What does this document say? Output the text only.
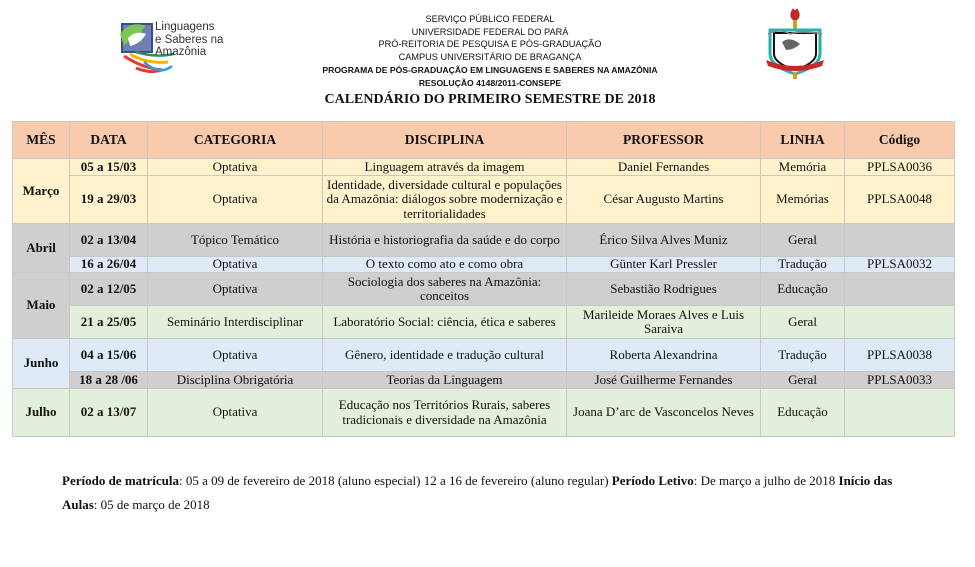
Linguagens
e Saberes na
Amazônia
SERVIÇO PÚBLICO FEDERAL
UNIVERSIDADE FEDERAL DO PARÁ
PRÓ-REITORIA DE PESQUISA E PÓS-GRADUAÇÃO
CAMPUS UNIVERSITÁRIO DE BRAGANÇA
PROGRAMA DE PÓS-GRADUAÇÃO EM LINGUAGENS E SABERES NA AMAZÔNIA
RESOLUÇÃO 4148/2011-CONSEPE
CALENDÁRIO DO PRIMEIRO SEMESTRE DE 2018
MÊS	DATA	CATEGORIA	DISCIPLINA	PROFESSOR	LINHA	Código
Março	05 a 15/03	Optativa	Linguagem através da imagem	Daniel Fernandes	Memória	PPLSA0036
	19 a 29/03	Optativa	Identidade, diversidade cultural e populações da Amazônia: diálogos sobre modernização e territorialidades	César Augusto Martins	Memórias	PPLSA0048
Abril	02 a 13/04	Tópico Temático	História e historiografia da saúde e do corpo	Érico Silva Alves Muniz	Geral	
	16 a 26/04	Optativa	O texto como ato e como obra	Günter Karl Pressler	Tradução	PPLSA0032
Maio	02 a 12/05	Optativa	Sociologia dos saberes na Amazônia: conceitos	Sebastião Rodrigues	Educação	
	21 a 25/05	Seminário Interdisciplinar	Laboratório Social: ciência, ética e saberes	Marileide Moraes Alves e Luis Saraiva	Geral	
Junho	04 a 15/06	Optativa	Gênero, identidade e tradução cultural	Roberta Alexandrina	Tradução	PPLSA0038
	18 a 28 /06	Disciplina Obrigatória	Teorias da Linguagem	José Guilherme Fernandes	Geral	PPLSA0033
Julho	02 a 13/07	Optativa	Educação nos Territórios Rurais, saberes tradicionais e diversidade na Amazônia	Joana D’arc de Vasconcelos Neves	Educação	
Período de matrícula: 05 a 09 de fevereiro de 2018 (aluno especial) 12 a 16 de fevereiro (aluno regular) Período Letivo: De março a julho de 2018 Início das Aulas: 05 de março de 2018
